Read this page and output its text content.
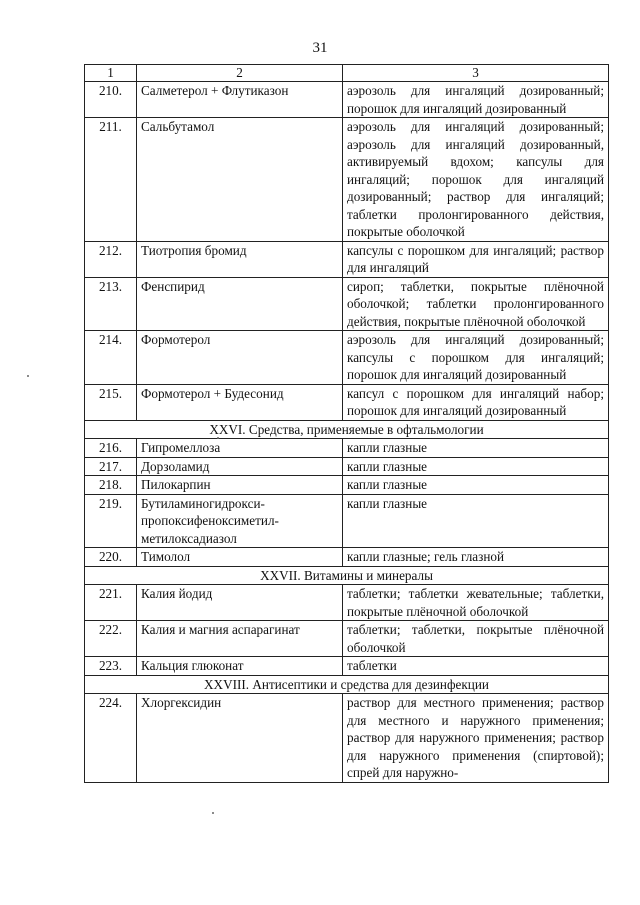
31
1	2	3
210.	Салметерол + Флутиказон	аэрозоль для ингаляций дозированный; порошок для ингаляций дозированный
211.	Сальбутамол	аэрозоль для ингаляций дозированный; аэрозоль для ингаляций дозированный, активируемый вдохом; капсулы для ингаляций; порошок для ингаляций дозированный; раствор для ингаляций; таблетки пролонгированного действия, покрытые оболочкой
212.	Тиотропия бромид	капсулы с порошком для ингаляций; раствор для ингаляций
213.	Фенспирид	сироп; таблетки, покрытые плёночной оболочкой; таблетки пролонгированного действия, покрытые плёночной оболочкой
214.	Формотерол	аэрозоль для ингаляций дозированный; капсулы с порошком для ингаляций; порошок для ингаляций дозированный
215.	Формотерол + Будесонид	капсул с порошком для ингаляций набор; порошок для ингаляций дозированный
XXVI. Средства, применяемые в офтальмологии		
216.	Гипромеллоза	капли глазные
217.	Дорзоламид	капли глазные
218.	Пилокарпин	капли глазные
219.	Бутиламиногидрокси-пропоксифеноксиметил-метилоксадиазол	капли глазные
220.	Тимолол	капли глазные; гель глазной
XXVII. Витамины и минералы		
221.	Калия йодид	таблетки; таблетки жевательные; таблетки, покрытые плёночной оболочкой
222.	Калия и магния аспарагинат	таблетки; таблетки, покрытые плёночной оболочкой
223.	Кальция глюконат	таблетки
XXVIII. Антисептики и средства для дезинфекции		
224.	Хлоргексидин	раствор для местного применения; раствор для местного и наружного применения; раствор для наружного применения; раствор для наружного применения (спиртовой); спрей для наружно-
